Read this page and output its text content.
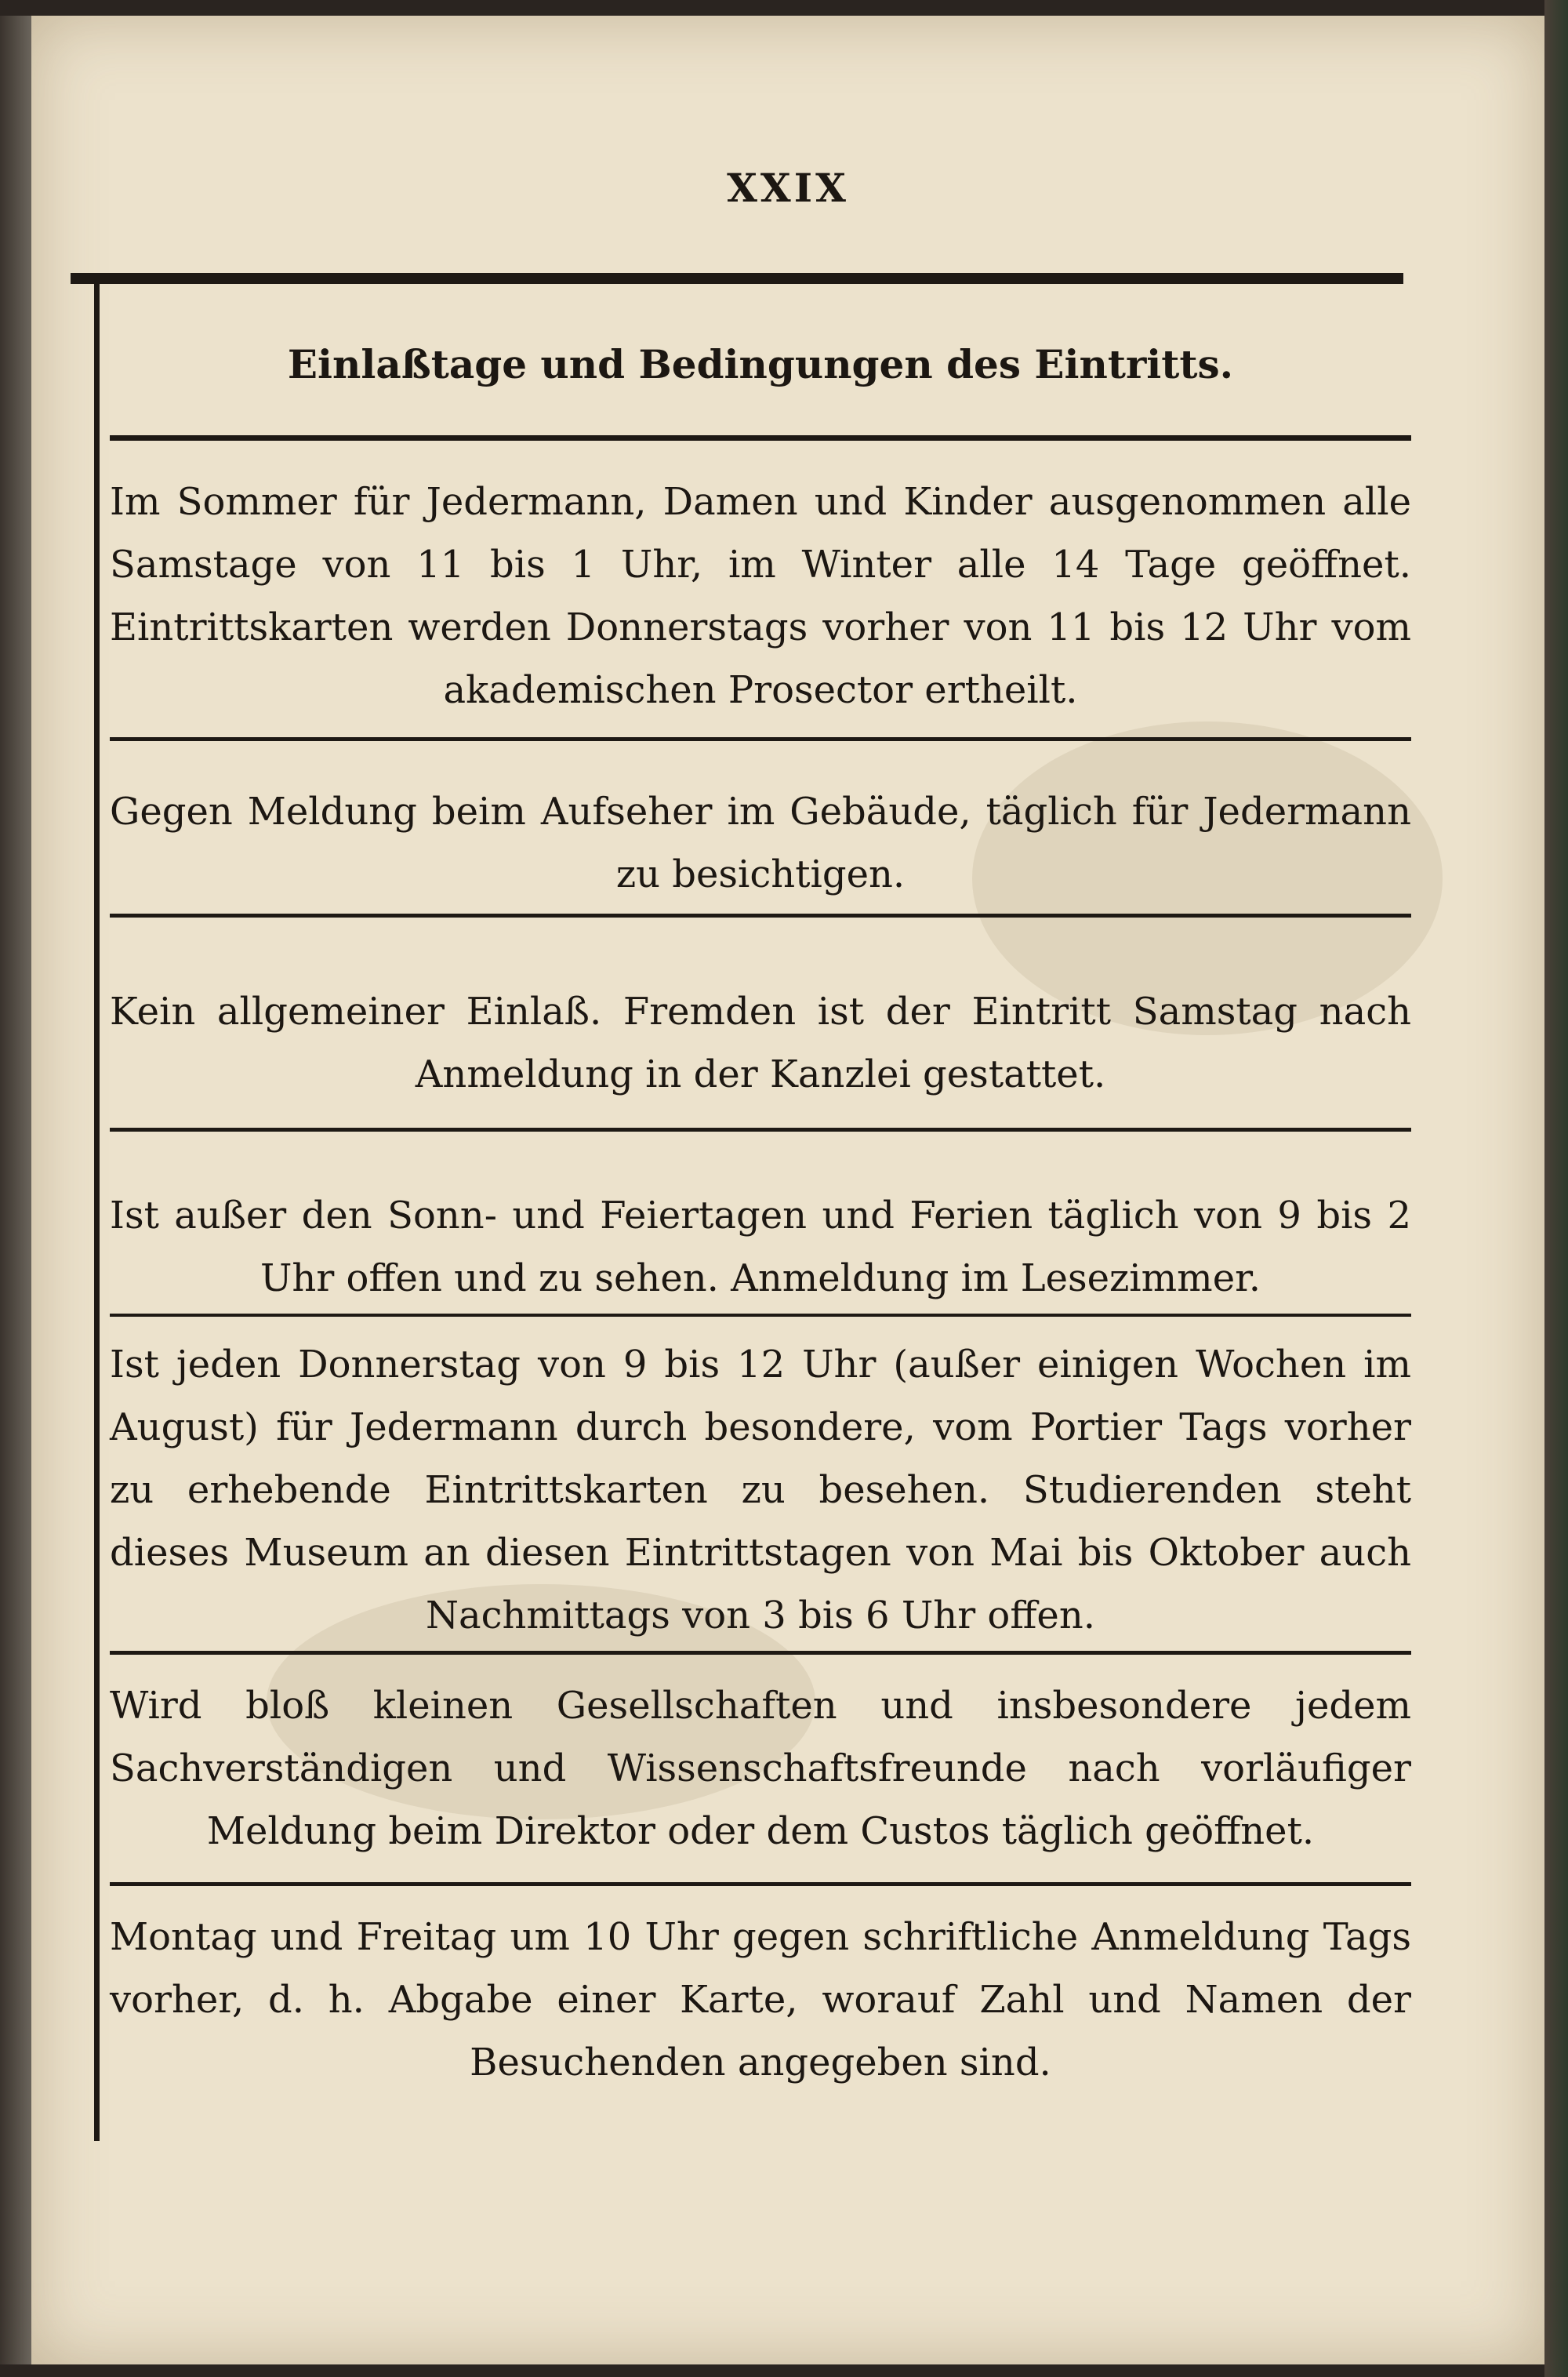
XXIX
Einlaßtage und Bedingungen des Eintritts.
Im Sommer für Jedermann, Damen und Kinder ausgenommen alle Samstage von 11 bis 1 Uhr, im Winter alle 14 Tage geöffnet. Eintrittskarten werden Donnerstags vorher von 11 bis 12 Uhr vom akademischen Prosector ertheilt.
Gegen Meldung beim Aufseher im Gebäude, täglich für Jedermann zu besichtigen.
Kein allgemeiner Einlaß. Fremden ist der Eintritt Samstag nach Anmeldung in der Kanzlei gestattet.
Ist außer den Sonn- und Feiertagen und Ferien täglich von 9 bis 2 Uhr offen und zu sehen. Anmeldung im Lesezimmer.
Ist jeden Donnerstag von 9 bis 12 Uhr (außer einigen Wochen im August) für Jedermann durch besondere, vom Portier Tags vorher zu erhebende Eintrittskarten zu besehen. Studierenden steht dieses Museum an diesen Eintrittstagen von Mai bis Oktober auch Nachmittags von 3 bis 6 Uhr offen.
Wird bloß kleinen Gesellschaften und insbesondere jedem Sachverständigen und Wissenschaftsfreunde nach vorläufiger Meldung beim Direktor oder dem Custos täglich geöffnet.
Montag und Freitag um 10 Uhr gegen schriftliche Anmeldung Tags vorher, d. h. Abgabe einer Karte, worauf Zahl und Namen der Besuchenden angegeben sind.
